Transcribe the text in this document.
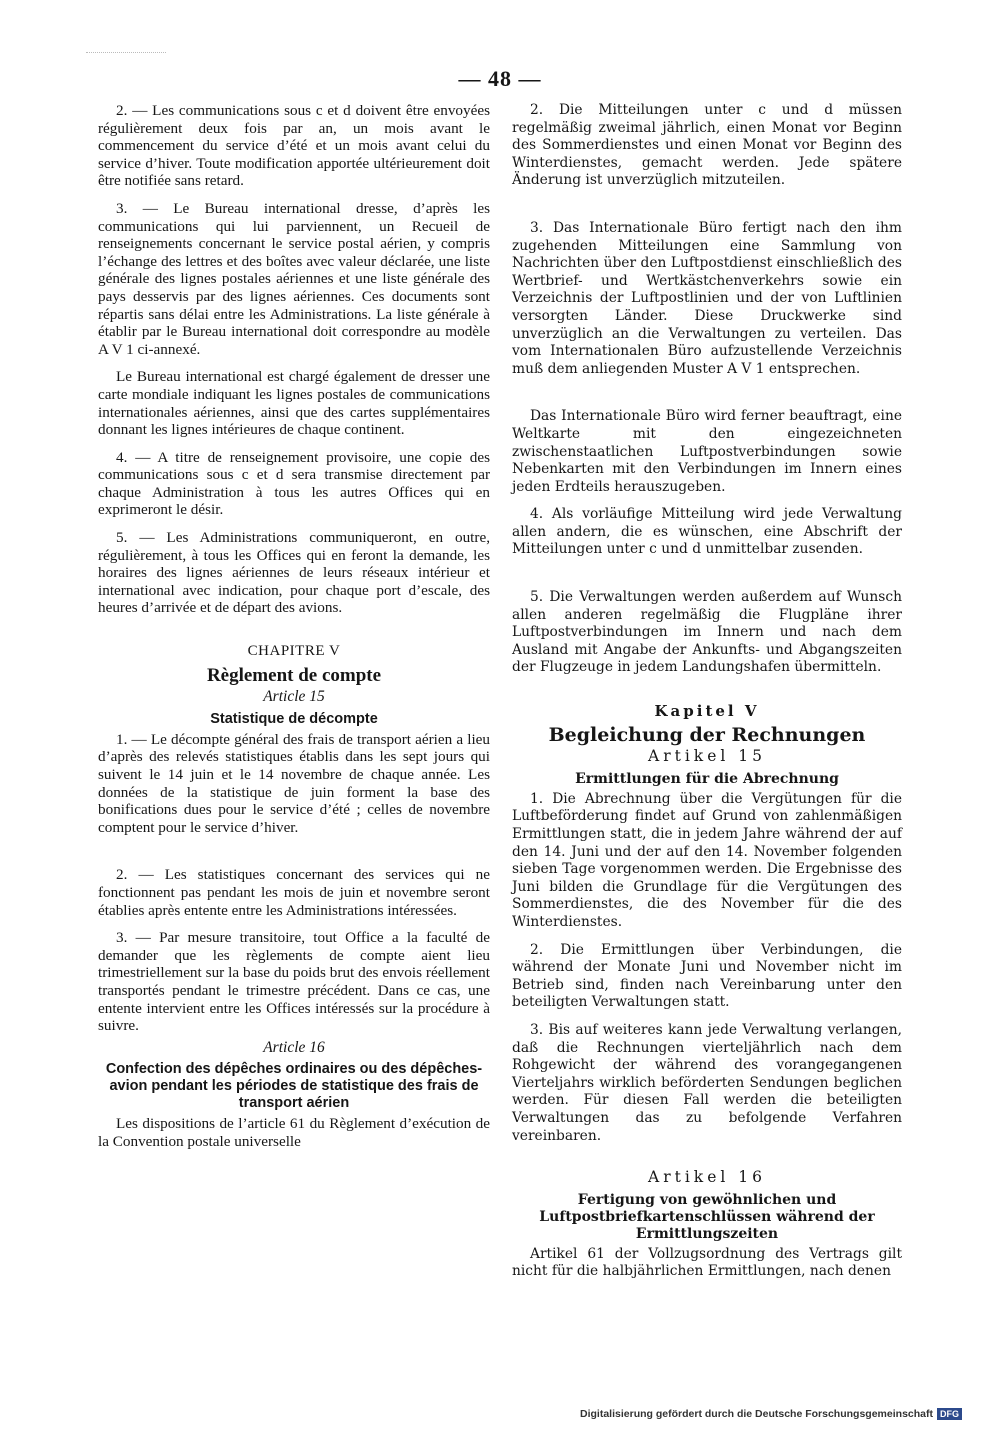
— 48 —

2. — Les communications sous c et d doivent être envoyées régulièrement deux fois par an, un mois avant le commencement du service d’été et un mois avant celui du service d’hiver. Toute modification apportée ultérieurement doit être notifiée sans retard.

3. — Le Bureau international dresse, d’après les communications qui lui parviennent, un Recueil de renseignements concernant le service postal aérien, y compris l’échange des lettres et des boîtes avec valeur déclarée, une liste générale des lignes postales aériennes et une liste générale des pays desservis par des lignes aériennes. Ces documents sont répartis sans délai entre les Administrations. La liste générale à établir par le Bureau international doit correspondre au modèle A V 1 ci-annexé.

Le Bureau international est chargé également de dresser une carte mondiale indiquant les lignes postales de communications internationales aériennes, ainsi que des cartes supplémentaires donnant les lignes intérieures de chaque continent.

4. — A titre de renseignement provisoire, une copie des communications sous c et d sera transmise directement par chaque Administration à tous les autres Offices qui en exprimeront le désir.

5. — Les Administrations communiqueront, en outre, régulièrement, à tous les Offices qui en feront la demande, les horaires des lignes aériennes de leurs réseaux intérieur et international avec indication, pour chaque port d’escale, des heures d’arrivée et de départ des avions.

CHAPITRE V
Règlement de compte
Article 15
Statistique de décompte

1. — Le décompte général des frais de transport aérien a lieu d’après des relevés statistiques établis dans les sept jours qui suivent le 14 juin et le 14 novembre de chaque année. Les données de la statistique de juin forment la base des bonifications dues pour le service d’été ; celles de novembre comptent pour le service d’hiver.

2. — Les statistiques concernant des services qui ne fonctionnent pas pendant les mois de juin et novembre seront établies après entente entre les Administrations intéressées.

3. — Par mesure transitoire, tout Office a la faculté de demander que les règlements de compte aient lieu trimestriellement sur la base du poids brut des envois réellement transportés pendant le trimestre précédent. Dans ce cas, une entente intervient entre les Offices intéressés sur la procédure à suivre.

Article 16
Confection des dépêches ordinaires ou des dépêches-avion pendant les périodes de statistique des frais de transport aérien

Les dispositions de l’article 61 du Règlement d’exécution de la Convention postale universelle

2. Die Mitteilungen unter c und d müssen regelmäßig zweimal jährlich, einen Monat vor Beginn des Sommerdienstes und einen Monat vor Beginn des Winterdienstes, gemacht werden. Jede spätere Änderung ist unverzüglich mitzuteilen.

3. Das Internationale Büro fertigt nach den ihm zugehenden Mitteilungen eine Sammlung von Nachrichten über den Luftpostdienst einschließlich des Wertbrief- und Wertkästchenverkehrs sowie ein Verzeichnis der Luftpostlinien und der von Luftlinien versorgten Länder. Diese Druckwerke sind unverzüglich an die Verwaltungen zu verteilen. Das vom Internationalen Büro aufzustellende Verzeichnis muß dem anliegenden Muster A V 1 entsprechen.

Das Internationale Büro wird ferner beauftragt, eine Weltkarte mit den eingezeichneten zwischenstaatlichen Luftpostverbindungen sowie Nebenkarten mit den Verbindungen im Innern eines jeden Erdteils herauszugeben.

4. Als vorläufige Mitteilung wird jede Verwaltung allen andern, die es wünschen, eine Abschrift der Mitteilungen unter c und d unmittelbar zusenden.

5. Die Verwaltungen werden außerdem auf Wunsch allen anderen regelmäßig die Flugpläne ihrer Luftpostverbindungen im Innern und nach dem Ausland mit Angabe der Ankunfts- und Abgangszeiten der Flugzeuge in jedem Landungshafen übermitteln.

Kapitel V
Begleichung der Rechnungen
Artikel 15
Ermittlungen für die Abrechnung

1. Die Abrechnung über die Vergütungen für die Luftbeförderung findet auf Grund von zahlenmäßigen Ermittlungen statt, die in jedem Jahre während der auf den 14. Juni und der auf den 14. November folgenden sieben Tage vorgenommen werden. Die Ergebnisse des Juni bilden die Grundlage für die Vergütungen des Sommerdienstes, die des November für die des Winterdienstes.

2. Die Ermittlungen über Verbindungen, die während der Monate Juni und November nicht im Betrieb sind, finden nach Vereinbarung unter den beteiligten Verwaltungen statt.

3. Bis auf weiteres kann jede Verwaltung verlangen, daß die Rechnungen vierteljährlich nach dem Rohgewicht der während des vorangegangenen Vierteljahrs wirklich beförderten Sendungen beglichen werden. Für diesen Fall werden die beteiligten Verwaltungen das zu befolgende Verfahren vereinbaren.

Artikel 16
Fertigung von gewöhnlichen und Luftpostbriefkartenschlüssen während der Ermittlungszeiten

Artikel 61 der Vollzugsordnung des Vertrags gilt nicht für die halbjährlichen Ermittlungen, nach denen

Digitalisierung gefördert durch die Deutsche Forschungsgemeinschaft DFG
